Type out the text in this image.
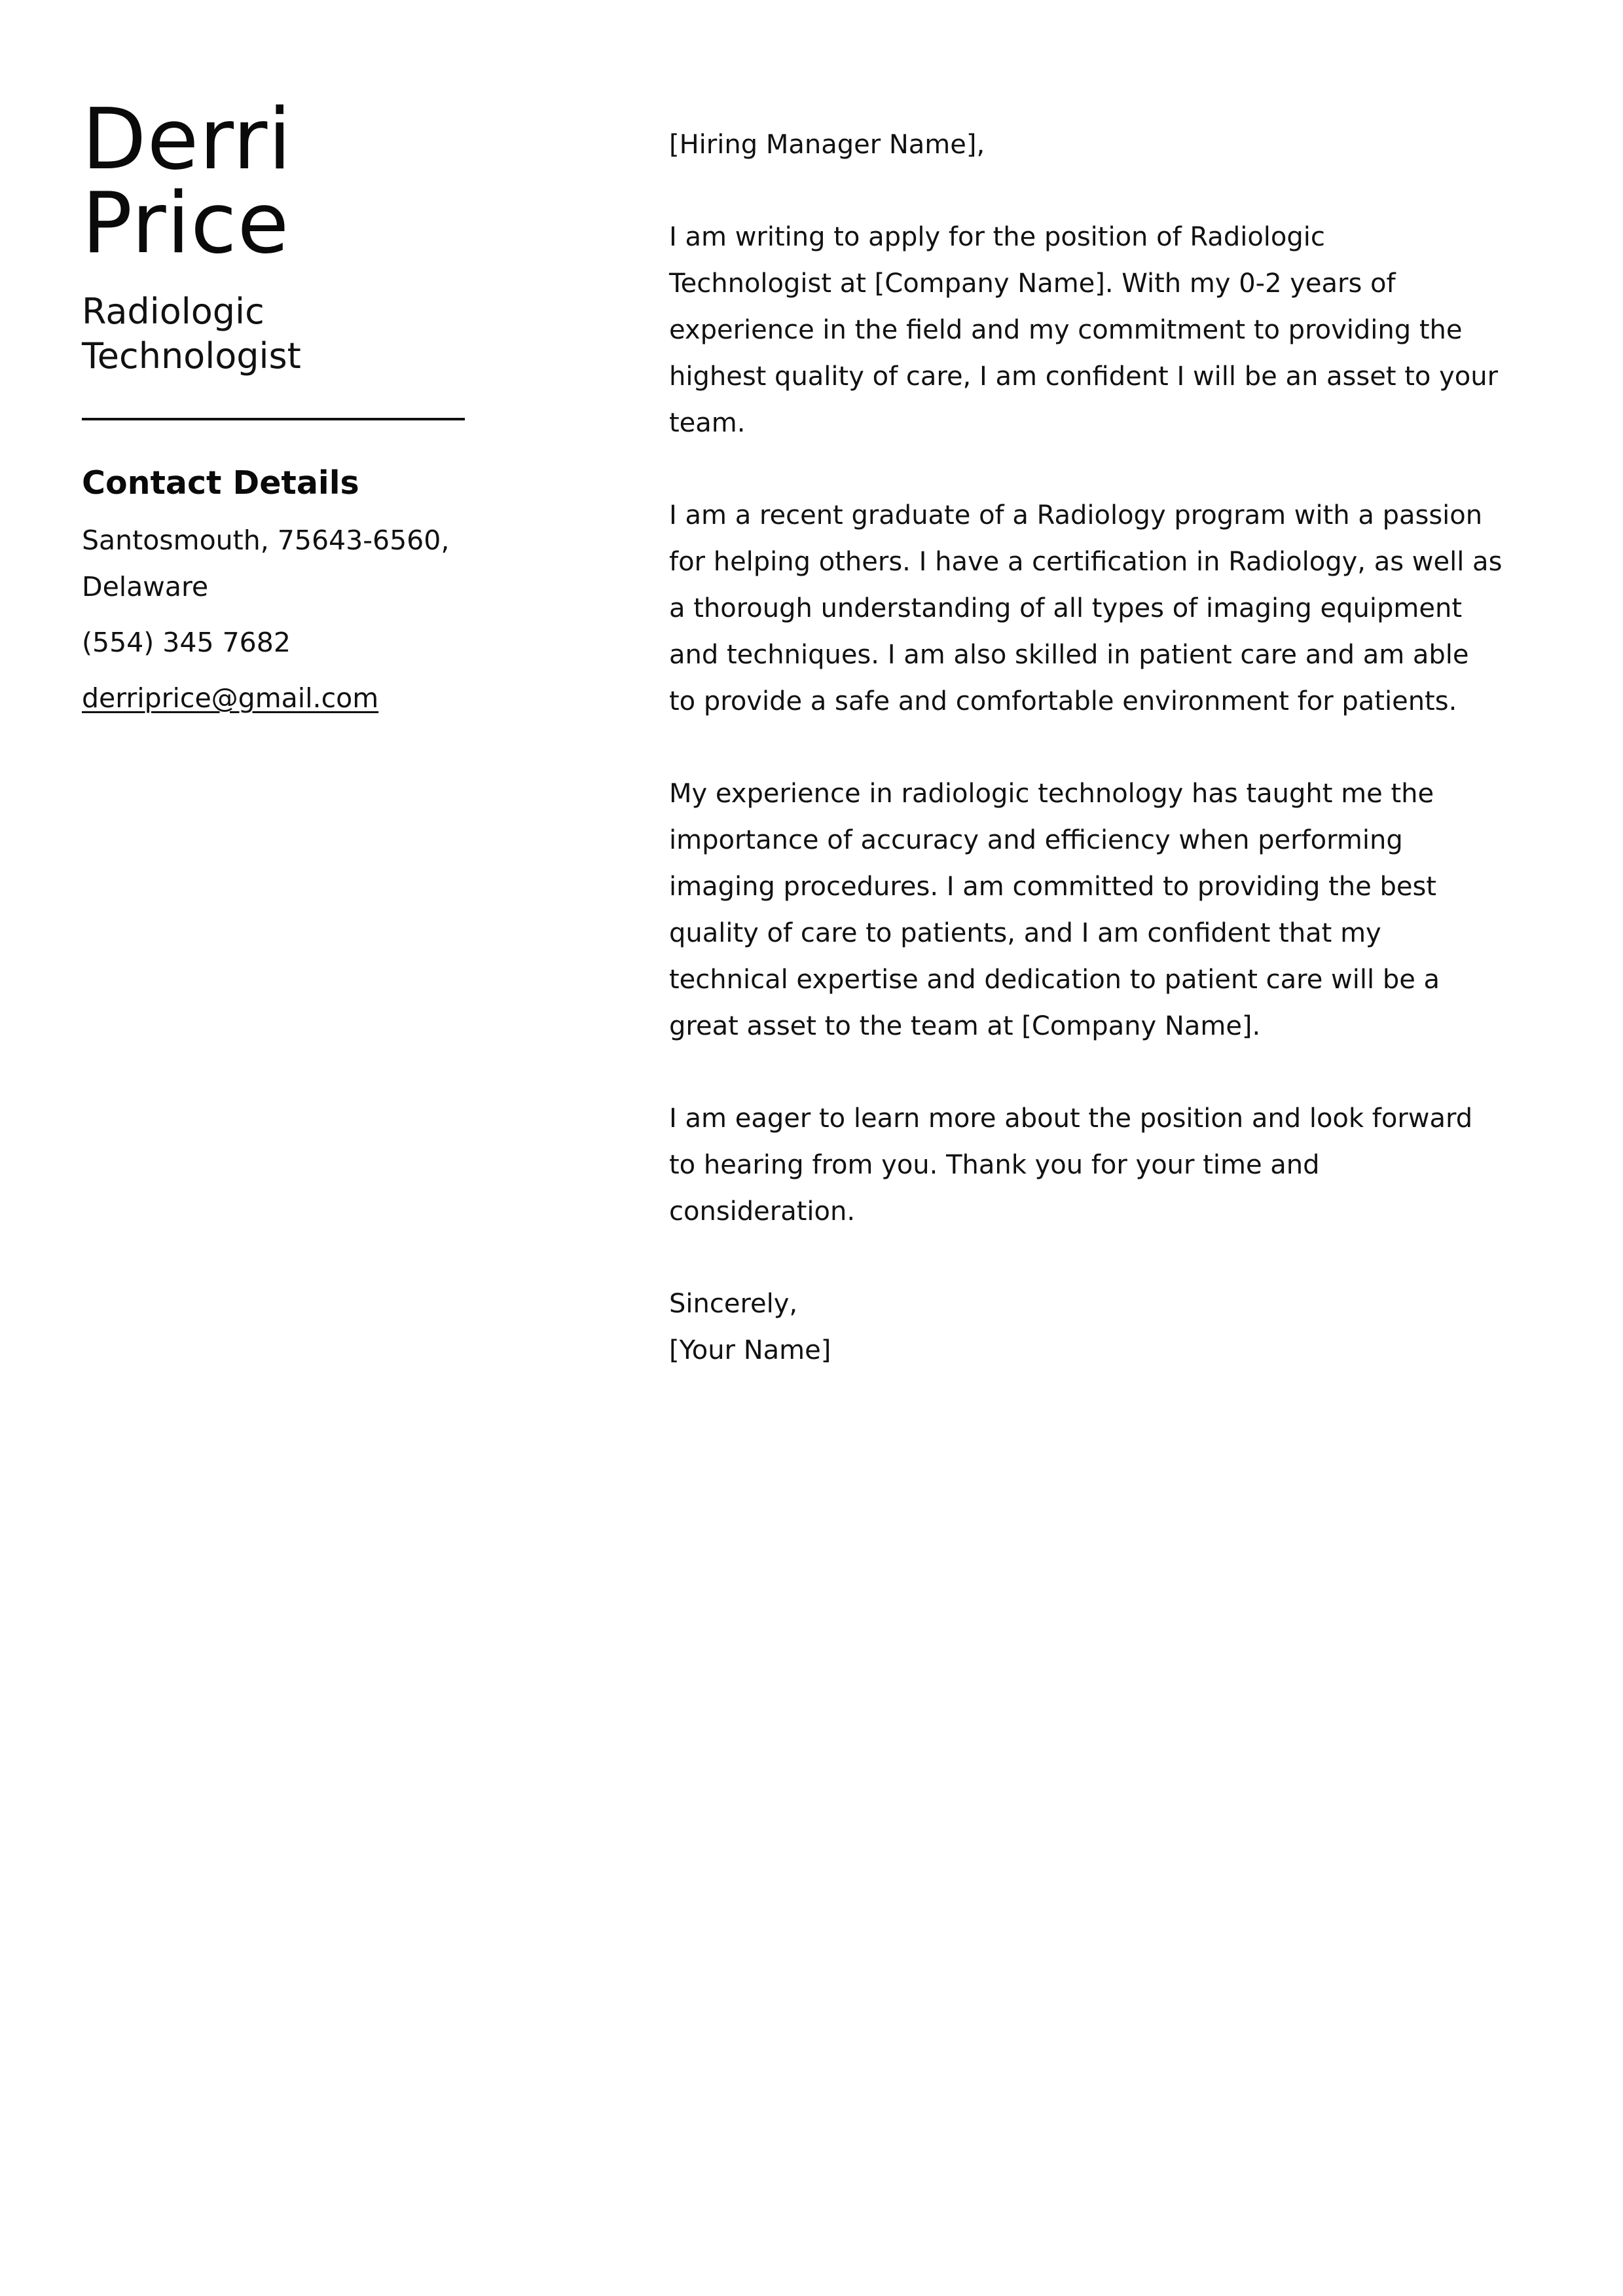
Derri
Price
Radiologic
Technologist
Contact Details
Santosmouth, 75643-6560,
Delaware
(554) 345 7682
derriprice@gmail.com
[Hiring Manager Name],
I am writing to apply for the position of Radiologic
Technologist at [Company Name]. With my 0-2 years of
experience in the field and my commitment to providing the
highest quality of care, I am confident I will be an asset to your
team.
I am a recent graduate of a Radiology program with a passion
for helping others. I have a certification in Radiology, as well as
a thorough understanding of all types of imaging equipment
and techniques. I am also skilled in patient care and am able
to provide a safe and comfortable environment for patients.
My experience in radiologic technology has taught me the
importance of accuracy and efficiency when performing
imaging procedures. I am committed to providing the best
quality of care to patients, and I am confident that my
technical expertise and dedication to patient care will be a
great asset to the team at [Company Name].
I am eager to learn more about the position and look forward
to hearing from you. Thank you for your time and
consideration.
Sincerely,
[Your Name]
